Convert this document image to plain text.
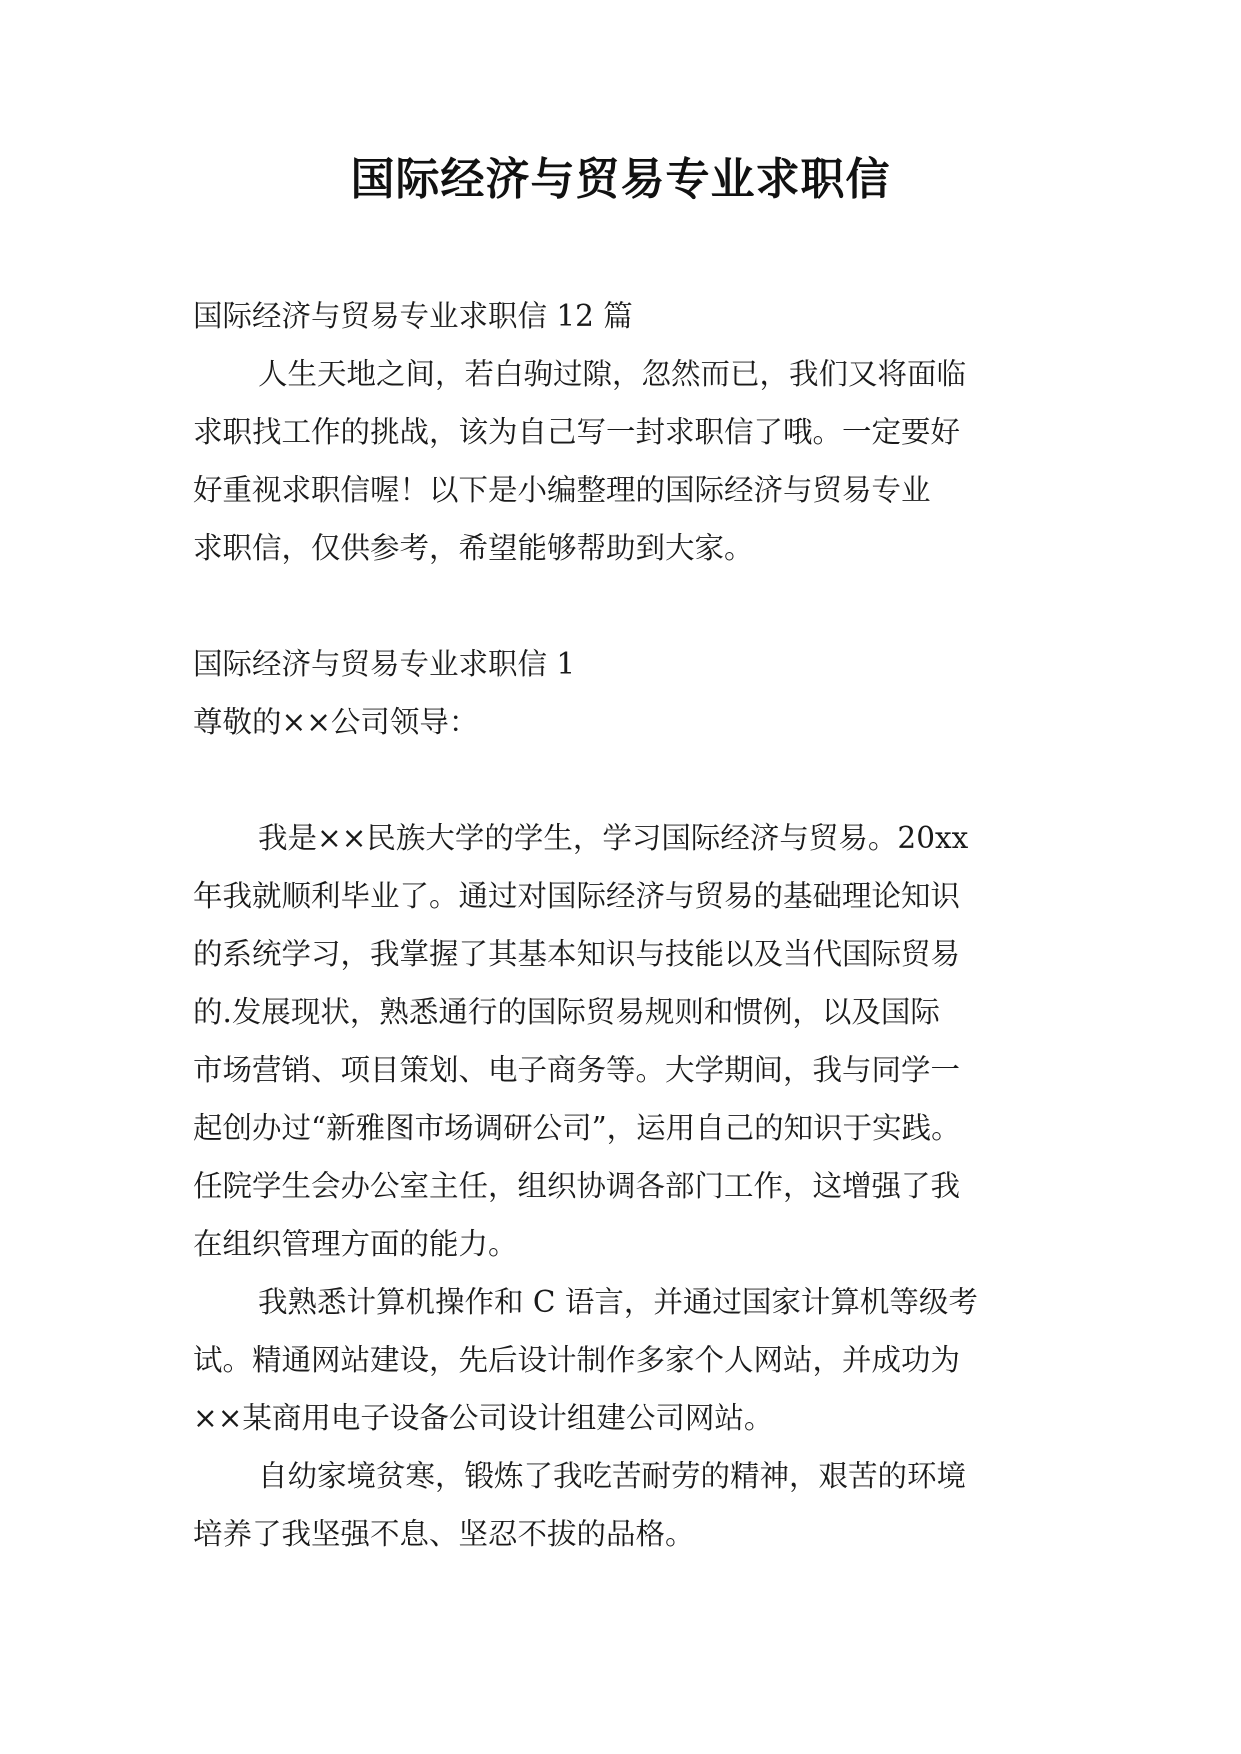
国际经济与贸易专业求职信
国际经济与贸易专业求职信 12 篇
人生天地之间，若白驹过隙，忽然而已，我们又将面临
求职找工作的挑战，该为自己写一封求职信了哦。一定要好
好重视求职信喔！以下是小编整理的国际经济与贸易专业
求职信，仅供参考，希望能够帮助到大家。
国际经济与贸易专业求职信 1
尊敬的××公司领导：
我是××民族大学的学生，学习国际经济与贸易。20xx
年我就顺利毕业了。通过对国际经济与贸易的基础理论知识
的系统学习，我掌握了其基本知识与技能以及当代国际贸易
的.发展现状，熟悉通行的国际贸易规则和惯例，以及国际
市场营销、项目策划、电子商务等。大学期间，我与同学一
起创办过“新雅图市场调研公司”，运用自己的知识于实践。
任院学生会办公室主任，组织协调各部门工作，这增强了我
在组织管理方面的能力。
我熟悉计算机操作和 C 语言，并通过国家计算机等级考
试。精通网站建设，先后设计制作多家个人网站，并成功为
××某商用电子设备公司设计组建公司网站。
自幼家境贫寒，锻炼了我吃苦耐劳的精神，艰苦的环境
培养了我坚强不息、坚忍不拔的品格。
